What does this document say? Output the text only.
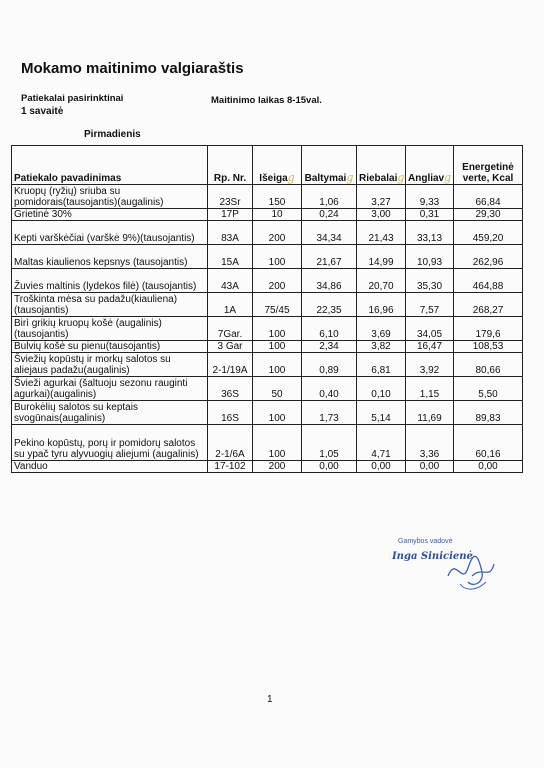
Mokamo maitinimo valgiaraštis
Patiekalai pasirinktinai
1 savaitė
Maitinimo laikas 8-15val.
Pirmadienis
Patiekalo pavadinimas	Rp. Nr.	Išeigag	Baltymaig	Riebalaig	Angliavg	Energetinė verte, Kcal
Kruopų (ryžių) sriuba su pomidorais(tausojantis)(augalinis)	23Sr	150	1,06	3,27	9,33	66,84
Grietinė 30%	17P	10	0,24	3,00	0,31	29,30
Kepti varškėčiai (varškė 9%)(tausojantis)	83A	200	34,34	21,43	33,13	459,20
Maltas kiaulienos kepsnys (tausojantis)	15A	100	21,67	14,99	10,93	262,96
Žuvies maltinis (lydekos filė) (tausojantis)	43A	200	34,86	20,70	35,30	464,88
Troškinta mėsa su padažu(kiauliena)(tausojantis)	1A	75/45	22,35	16,96	7,57	268,27
Birì grikių kruopų košė (augalinis)(tausojantis)	7Gar.	100	6,10	3,69	34,05	179,6
Bulvių košė su pienu(tausojantis)	3 Gar	100	2,34	3,82	16,47	108,53
Šviežių kopūstų ir morkų salotos su aliejaus padažu(augalinis)	2-1/19A	100	0,89	6,81	3,92	80,66
Švieži agurkai (šaltuoju sezonu rauginti agurkai)(augalinis)	36S	50	0,40	0,10	1,15	5,50
Burokėlių salotos su keptais svogūnais(augalinis)	16S	100	1,73	5,14	11,69	89,83
Pekino kopūstų, porų ir pomidorų salotos su ypač tyru alyvuogių aliejumi (augalinis)	2-1/6A	100	1,05	4,71	3,36	60,16
Vanduo	17-102	200	0,00	0,00	0,00	0,00
Gamybos vadovė
Inga Sinicienė
1
